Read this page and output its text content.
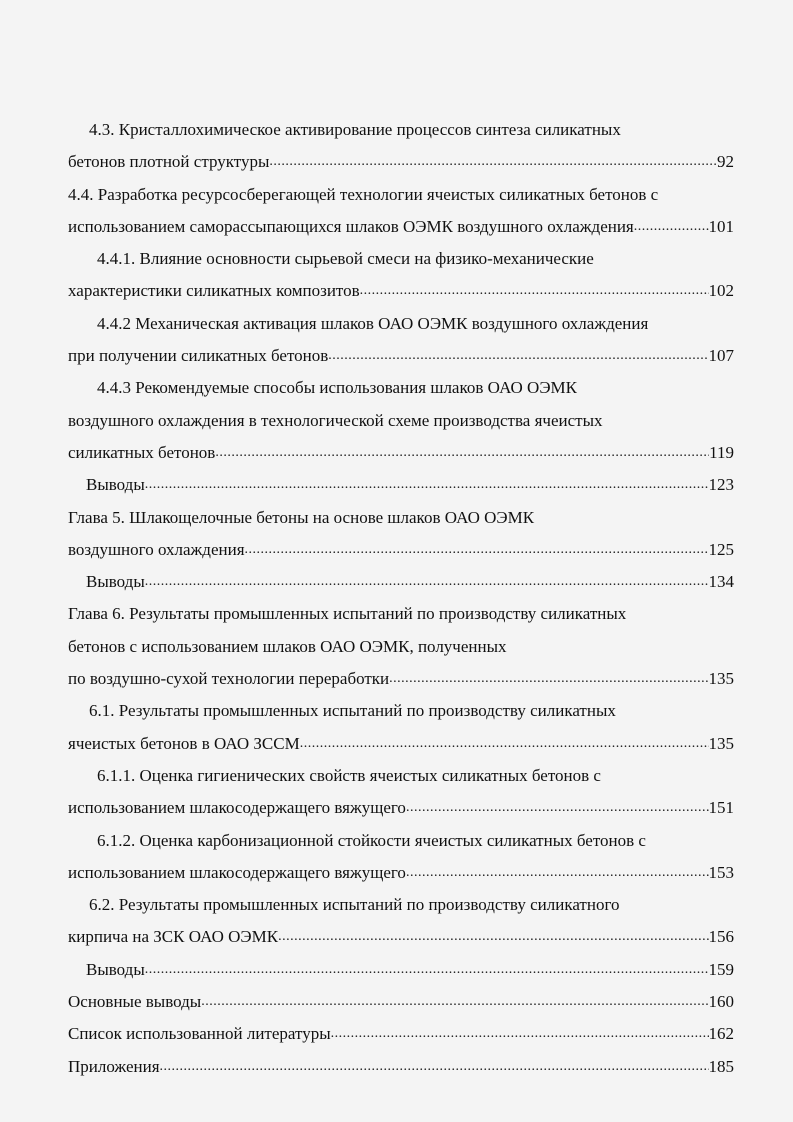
4.3. Кристаллохимическое активирование процессов синтеза силикатных
бетонов плотной структуры .....	92
4.4. Разработка ресурсосберегающей технологии ячеистых силикатных бетонов с
использованием саморассыпающихся шлаков ОЭМК воздушного охлаждения .....	101
4.4.1. Влияние основности сырьевой смеси на физико-механические
характеристики силикатных композитов .....	102
4.4.2 Механическая активация шлаков ОАО ОЭМК воздушного охлаждения
при получении силикатных бетонов .....	107
4.4.3 Рекомендуемые способы использования шлаков ОАО ОЭМК
воздушного охлаждения в технологической схеме производства ячеистых
силикатных бетонов .....	119
Выводы .....	123
Глава 5. Шлакощелочные бетоны на основе шлаков ОАО ОЭМК
воздушного охлаждения .....	125
Выводы .....	134
Глава 6. Результаты промышленных испытаний по производству силикатных
бетонов с использованием шлаков ОАО ОЭМК, полученных
по воздушно-сухой технологии переработки .....	135
6.1. Результаты промышленных испытаний по производству силикатных
ячеистых бетонов в ОАО ЗССМ .....	135
6.1.1. Оценка гигиенических свойств ячеистых силикатных бетонов с
использованием шлакосодержащего вяжущего .....	151
6.1.2. Оценка карбонизационной стойкости ячеистых силикатных бетонов с
использованием шлакосодержащего вяжущего .....	153
6.2. Результаты промышленных испытаний по производству силикатного
кирпича на ЗСК ОАО ОЭМК .....	156
Выводы .....	159
Основные выводы .....	160
Список использованной литературы .....	162
Приложения .....	185
